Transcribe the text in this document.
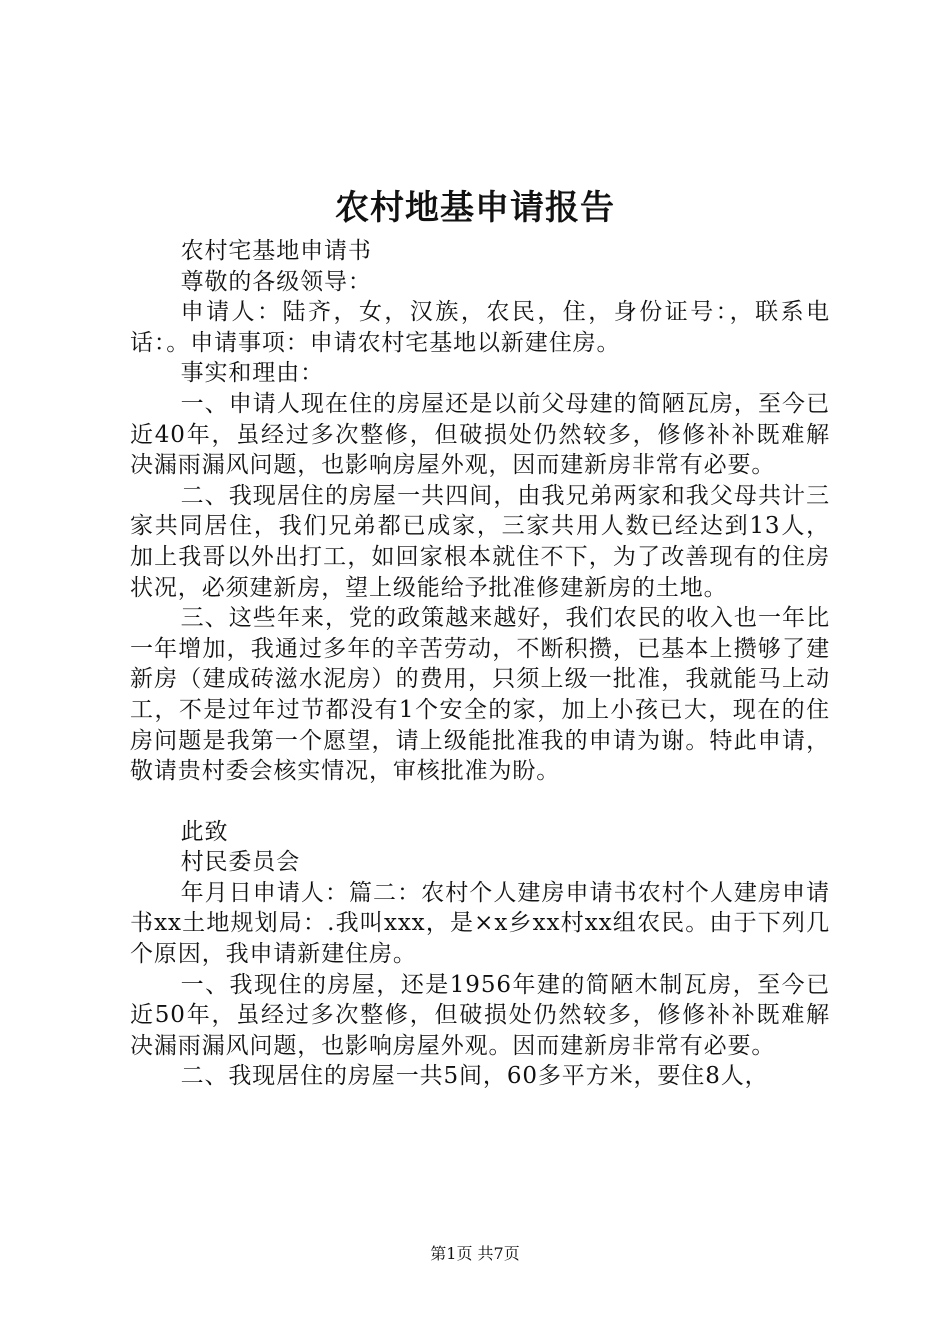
农村地基申请报告

农村宅基地申请书

尊敬的各级领导：

申请人：陆齐，女，汉族，农民，住，身份证号：，联系电话：。申请事项：申请农村宅基地以新建住房。

事实和理由：

一、申请人现在住的房屋还是以前父母建的简陋瓦房，至今已近40年，虽经过多次整修，但破损处仍然较多，修修补补既难解决漏雨漏风问题，也影响房屋外观，因而建新房非常有必要。

二、我现居住的房屋一共四间，由我兄弟两家和我父母共计三家共同居住，我们兄弟都已成家，三家共用人数已经达到13人，加上我哥以外出打工，如回家根本就住不下，为了改善现有的住房状况，必须建新房，望上级能给予批准修建新房的土地。

三、这些年来，党的政策越来越好，我们农民的收入也一年比一年增加，我通过多年的辛苦劳动，不断积攒，已基本上攒够了建新房（建成砖滋水泥房）的费用，只须上级一批准，我就能马上动工，不是过年过节都没有1个安全的家，加上小孩已大，现在的住房问题是我第一个愿望，请上级能批准我的申请为谢。特此申请，敬请贵村委会核实情况，审核批准为盼。

此致

村民委员会

年月日申请人：篇二：农村个人建房申请书农村个人建房申请书xx土地规划局：.我叫xxx，是×x乡xx村xx组农民。由于下列几个原因，我申请新建住房。

一、我现住的房屋，还是1956年建的简陋木制瓦房，至今已近50年，虽经过多次整修，但破损处仍然较多，修修补补既难解决漏雨漏风问题，也影响房屋外观。因而建新房非常有必要。

二、我现居住的房屋一共5间，60多平方米，要住8人，

第1页 共7页
